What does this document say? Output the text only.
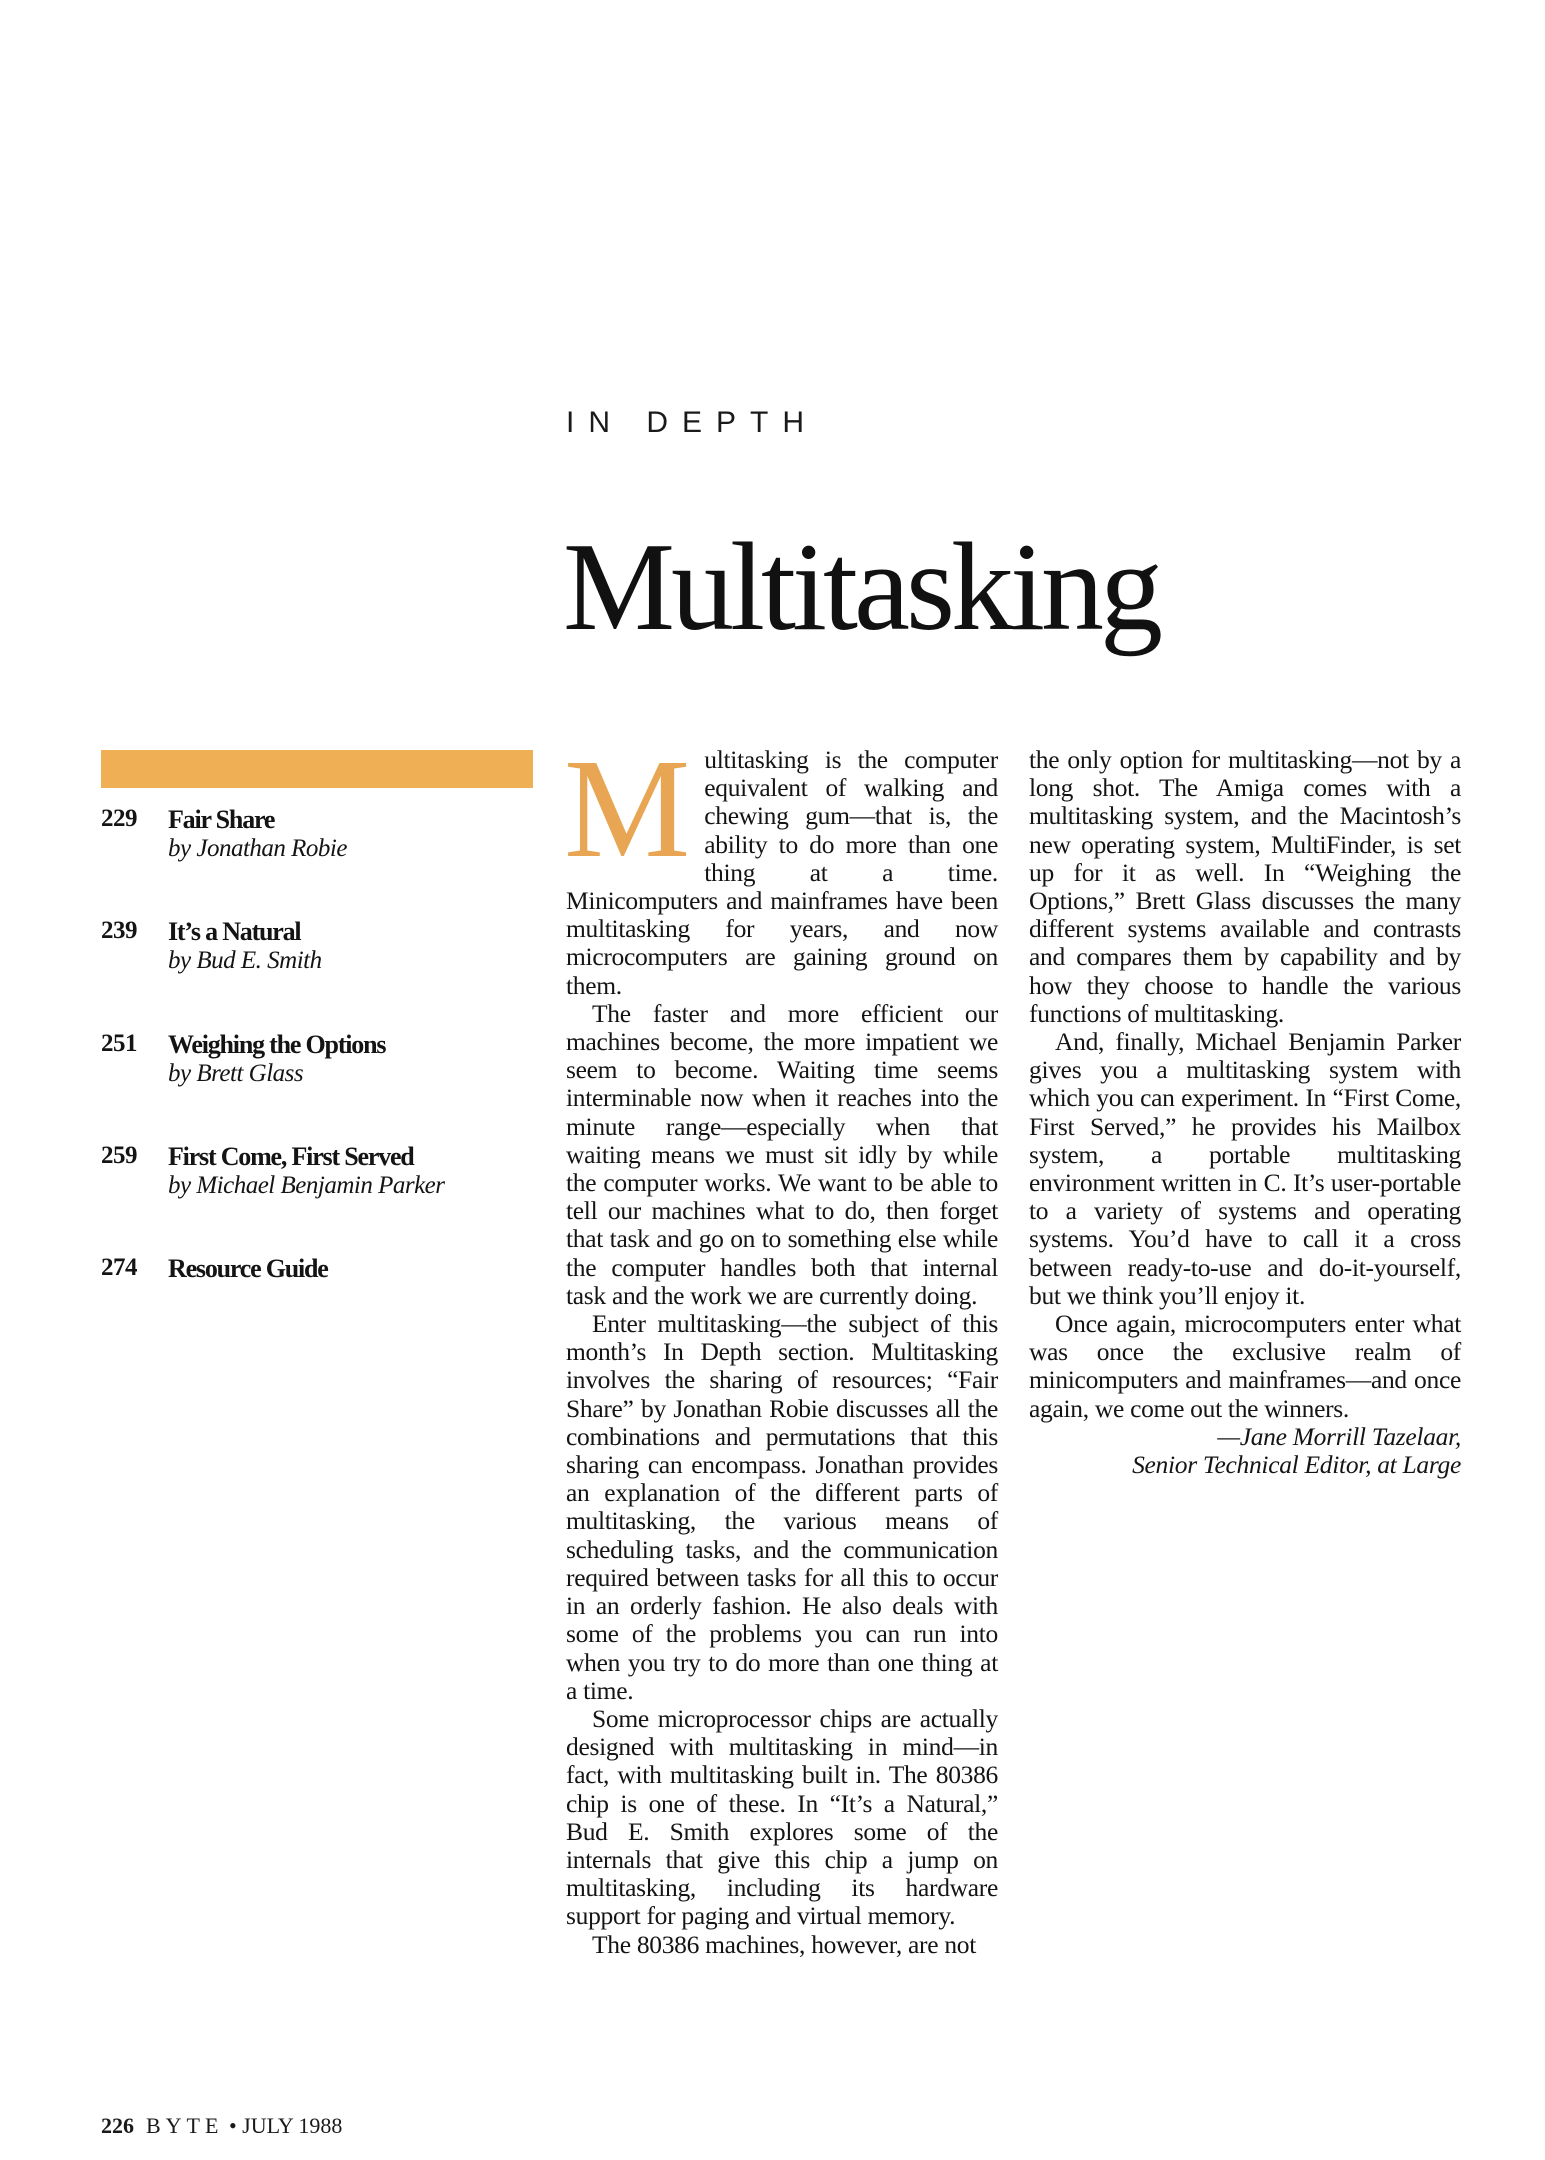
IN DEPTH
Multitasking
229	Fair Share
by Jonathan Robie
239	It’s a Natural
by Bud E. Smith
251	Weighing the Options
by Brett Glass
259	First Come, First Served
by Michael Benjamin Parker
274	Resource Guide

Multitasking is the computer equivalent of walking and chewing gum—that is, the ability to do more than one thing at a time. Minicomputers and mainframes have been multitasking for years, and now microcomputers are gaining ground on them.

The faster and more efficient our machines become, the more impatient we seem to become. Waiting time seems interminable now when it reaches into the minute range—especially when that waiting means we must sit idly by while the computer works. We want to be able to tell our machines what to do, then forget that task and go on to something else while the computer handles both that internal task and the work we are currently doing.

Enter multitasking—the subject of this month’s In Depth section. Multitasking involves the sharing of resources; “Fair Share” by Jonathan Robie discusses all the combinations and permutations that this sharing can encompass. Jonathan provides an explanation of the different parts of multitasking, the various means of scheduling tasks, and the communication required between tasks for all this to occur in an orderly fashion. He also deals with some of the problems you can run into when you try to do more than one thing at a time.

Some microprocessor chips are actually designed with multitasking in mind—in fact, with multitasking built in. The 80386 chip is one of these. In “It’s a Natural,” Bud E. Smith explores some of the internals that give this chip a jump on multitasking, including its hardware support for paging and virtual memory.

The 80386 machines, however, are not

the only option for multitasking—not by a long shot. The Amiga comes with a multitasking system, and the Macintosh’s new operating system, MultiFinder, is set up for it as well. In “Weighing the Options,” Brett Glass discusses the many different systems available and contrasts and compares them by capability and by how they choose to handle the various functions of multitasking.

And, finally, Michael Benjamin Parker gives you a multitasking system with which you can experiment. In “First Come, First Served,” he provides his Mailbox system, a portable multitasking environment written in C. It’s user-portable to a variety of systems and operating systems. You’d have to call it a cross between ready-to-use and do-it-yourself, but we think you’ll enjoy it.

Once again, microcomputers enter what was once the exclusive realm of minicomputers and mainframes—and once again, we come out the winners.

—Jane Morrill Tazelaar,

Senior Technical Editor, at Large

226 BYTE • JULY 1988
